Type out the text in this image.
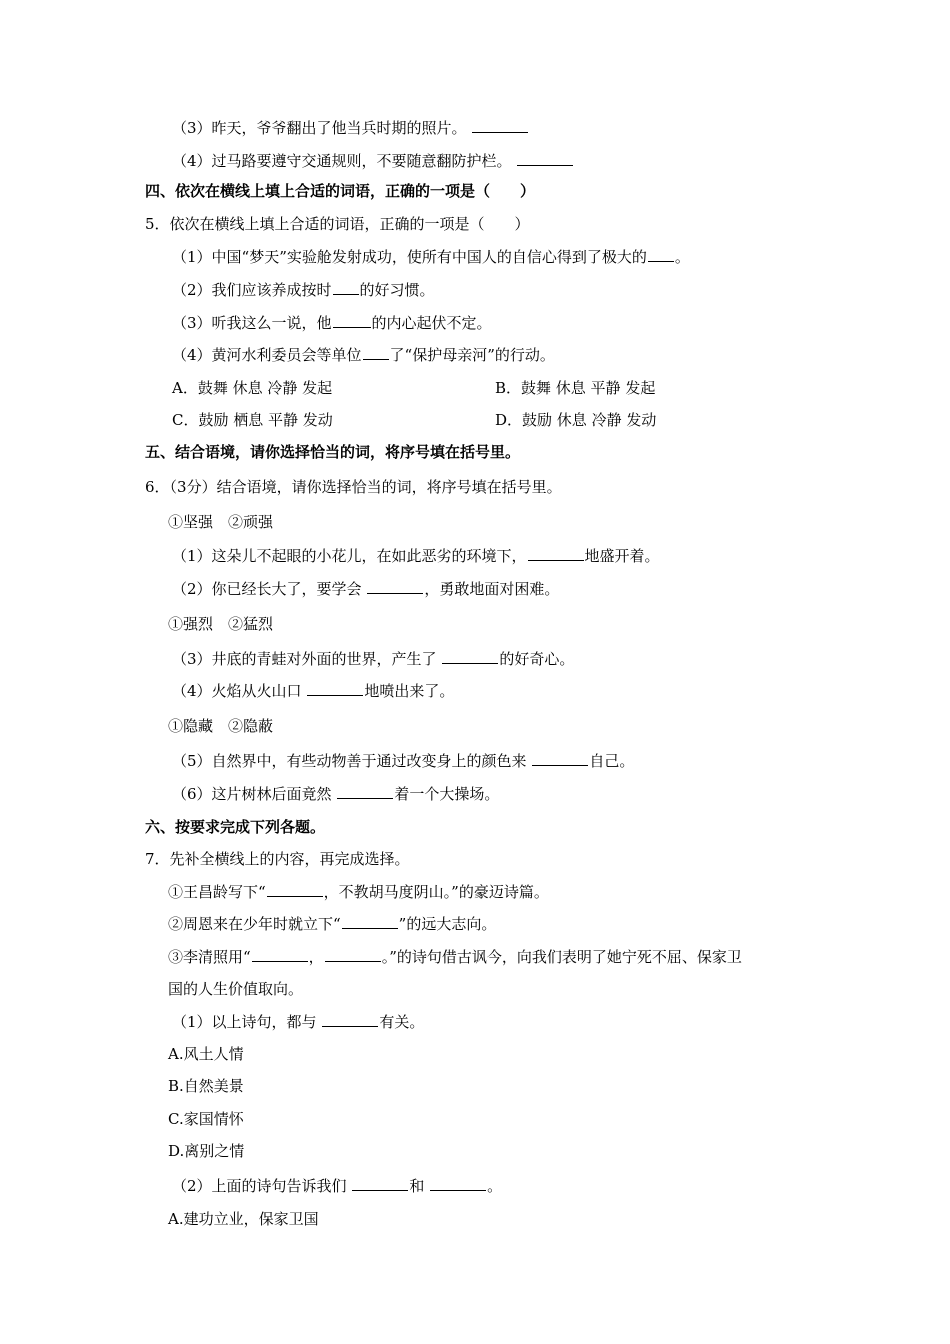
（3）昨天，爷爷翻出了他当兵时期的照片。
（4）过马路要遵守交通规则，不要随意翻防护栏。
四、依次在横线上填上合适的词语，正确的一项是（　　）
5．依次在横线上填上合适的词语，正确的一项是（　　）
（1）中国“梦天”实验舱发射成功，使所有中国人的自信心得到了极大的 。
（2）我们应该养成按时 的好习惯。
（3）听我这么一说，他	的内心起伏不定。
（4）黄河水利委员会等单位 了“保护母亲河”的行动。
A．鼓舞 休息 冷静 发起	B．鼓舞 休息 平静 发起
C．鼓励 栖息 平静 发动	D．鼓励 休息 冷静 发动
五、结合语境，请你选择恰当的词，将序号填在括号里。
6．（3分）结合语境，请你选择恰当的词，将序号填在括号里。
①坚强　②顽强
（1）这朵儿不起眼的小花儿，在如此恶劣的环境下，	地盛开着。
（2）你已经长大了，要学会	，勇敢地面对困难。
①强烈　②猛烈
（3）井底的青蛙对外面的世界，产生了	的好奇心。
（4）火焰从火山口	地喷出来了。
①隐藏　②隐蔽
（5）自然界中，有些动物善于通过改变身上的颜色来	自己。
（6）这片树林后面竟然	着一个大操场。
六、按要求完成下列各题。
7．先补全横线上的内容，再完成选择。
①王昌龄写下“	，不教胡马度阴山。”的豪迈诗篇。
②周恩来在少年时就立下“	”的远大志向。
③李清照用“	，	。”的诗句借古讽今，向我们表明了她宁死不屈、保家卫
国的人生价值取向。
（1）以上诗句，都与	有关。
A.风土人情
B.自然美景
C.家国情怀
D.离别之情
（2）上面的诗句告诉我们	和	。
A.建功立业，保家卫国
